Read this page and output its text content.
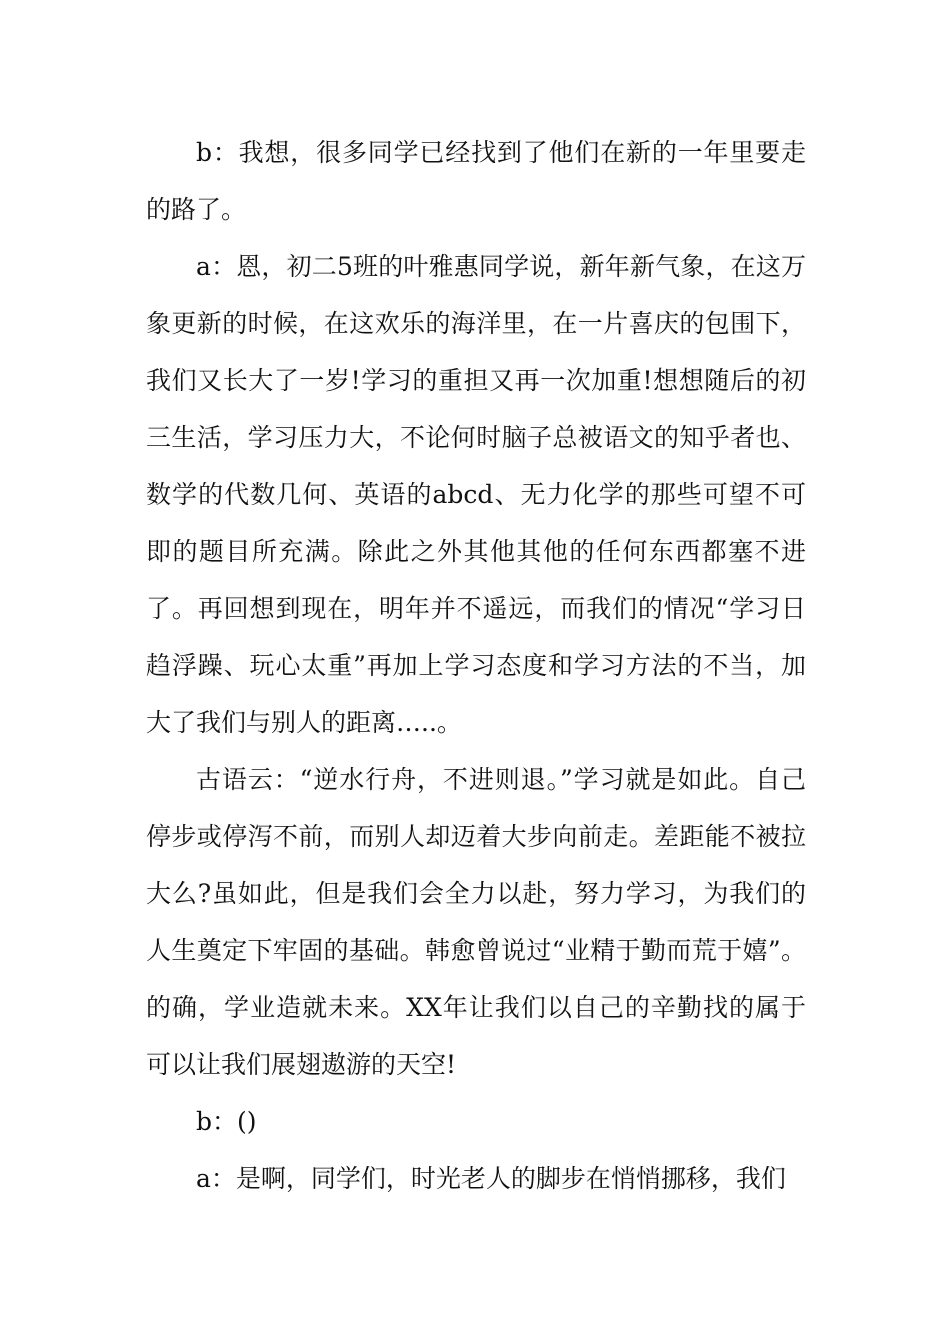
b：我想，很多同学已经找到了他们在新的一年里要走的路了。

a：恩，初二5班的叶雅惠同学说，新年新气象，在这万象更新的时候，在这欢乐的海洋里，在一片喜庆的包围下，我们又长大了一岁!学习的重担又再一次加重!想想随后的初三生活，学习压力大，不论何时脑子总被语文的知乎者也、数学的代数几何、英语的abcd、无力化学的那些可望不可即的题目所充满。除此之外其他其他的任何东西都塞不进了。再回想到现在，明年并不遥远，而我们的情况“学习日趋浮躁、玩心太重”再加上学习态度和学习方法的不当，加大了我们与别人的距离…..。

古语云：“逆水行舟，不进则退。”学习就是如此。自己停步或停泻不前，而别人却迈着大步向前走。差距能不被拉大么?虽如此，但是我们会全力以赴，努力学习，为我们的人生奠定下牢固的基础。韩愈曾说过“业精于勤而荒于嬉”。的确，学业造就未来。XX年让我们以自己的辛勤找的属于可以让我们展翅遨游的天空!

b：()

a：是啊，同学们，时光老人的脚步在悄悄挪移，我们
